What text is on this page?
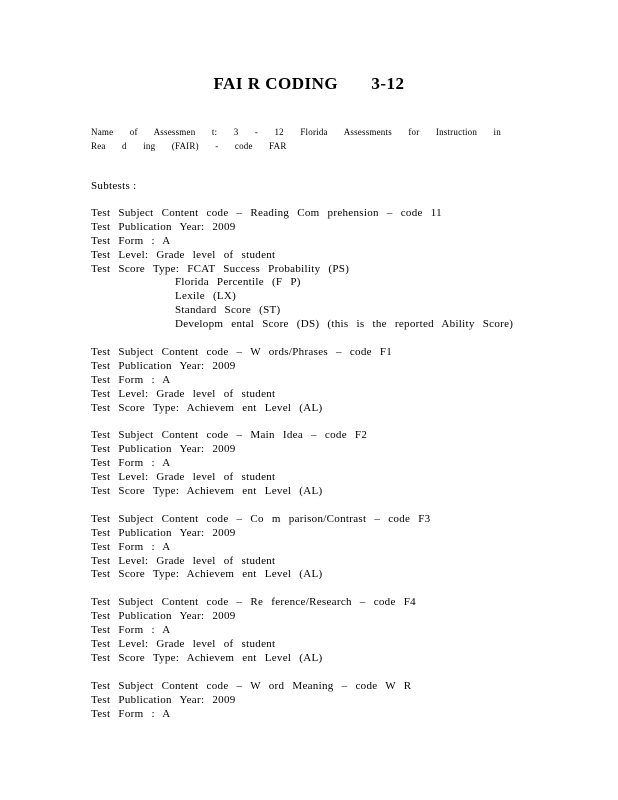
FAI R CODING       3-12
Name of Assessmen t: 3 - 12 Florida Assessments for Instruction in Rea d ing (FAIR) - code FAR
Subtests :
Test Subject Content code – Reading Com prehension – code 11
Test Publication Year: 2009
Test Form : A
Test Level: Grade level of student
Test Score Type: FCAT Success Probability (PS)
Florida Percentile (F P)
Lexile (LX)
Standard Score (ST)
Developm ental Score (DS) (this is the reported Ability Score)
Test Subject Content code – W ords/Phrases – code F1
Test Publication Year: 2009
Test Form : A
Test Level: Grade level of student
Test Score Type: Achievem ent Level (AL)
Test Subject Content code – Main Idea – code F2
Test Publication Year: 2009
Test Form : A
Test Level: Grade level of student
Test Score Type: Achievem ent Level (AL)
Test Subject Content code – Co m parison/Contrast – code F3
Test Publication Year: 2009
Test Form : A
Test Level: Grade level of student
Test Score Type: Achievem ent Level (AL)
Test Subject Content code – Re ference/Research – code F4
Test Publication Year: 2009
Test Form : A
Test Level: Grade level of student
Test Score Type: Achievem ent Level (AL)
Test Subject Content code – W ord Meaning – code W R
Test Publication Year: 2009
Test Form : A
